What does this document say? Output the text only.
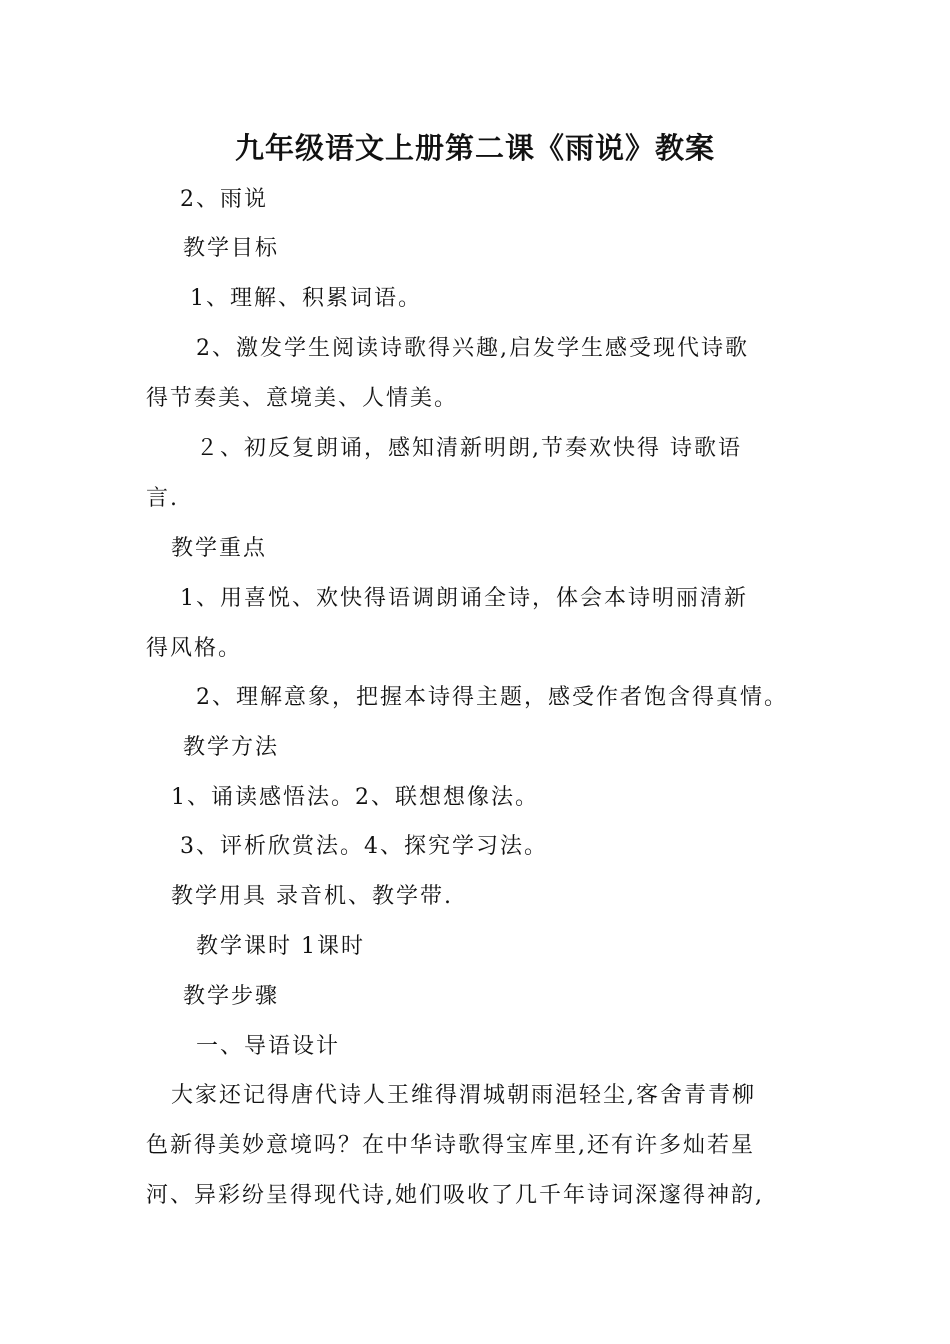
九年级语文上册第二课《雨说》教案
2、雨说
教学目标
1、理解、积累词语。
2、激发学生阅读诗歌得兴趣,启发学生感受现代诗歌
得节奏美、意境美、人情美。
２、初反复朗诵，感知清新明朗,节奏欢快得 诗歌语
言.
教学重点
1、用喜悦、欢快得语调朗诵全诗，体会本诗明丽清新
得风格。
2、理解意象，把握本诗得主题，感受作者饱含得真情。
教学方法
1、诵读感悟法。2、联想想像法。
3、评析欣赏法。4、探究学习法。
教学用具 录音机、教学带.
教学课时 1课时
教学步骤
一、导语设计
大家还记得唐代诗人王维得渭城朝雨浥轻尘,客舍青青柳
色新得美妙意境吗？在中华诗歌得宝库里,还有许多灿若星
河、异彩纷呈得现代诗,她们吸收了几千年诗词深邃得神韵,
